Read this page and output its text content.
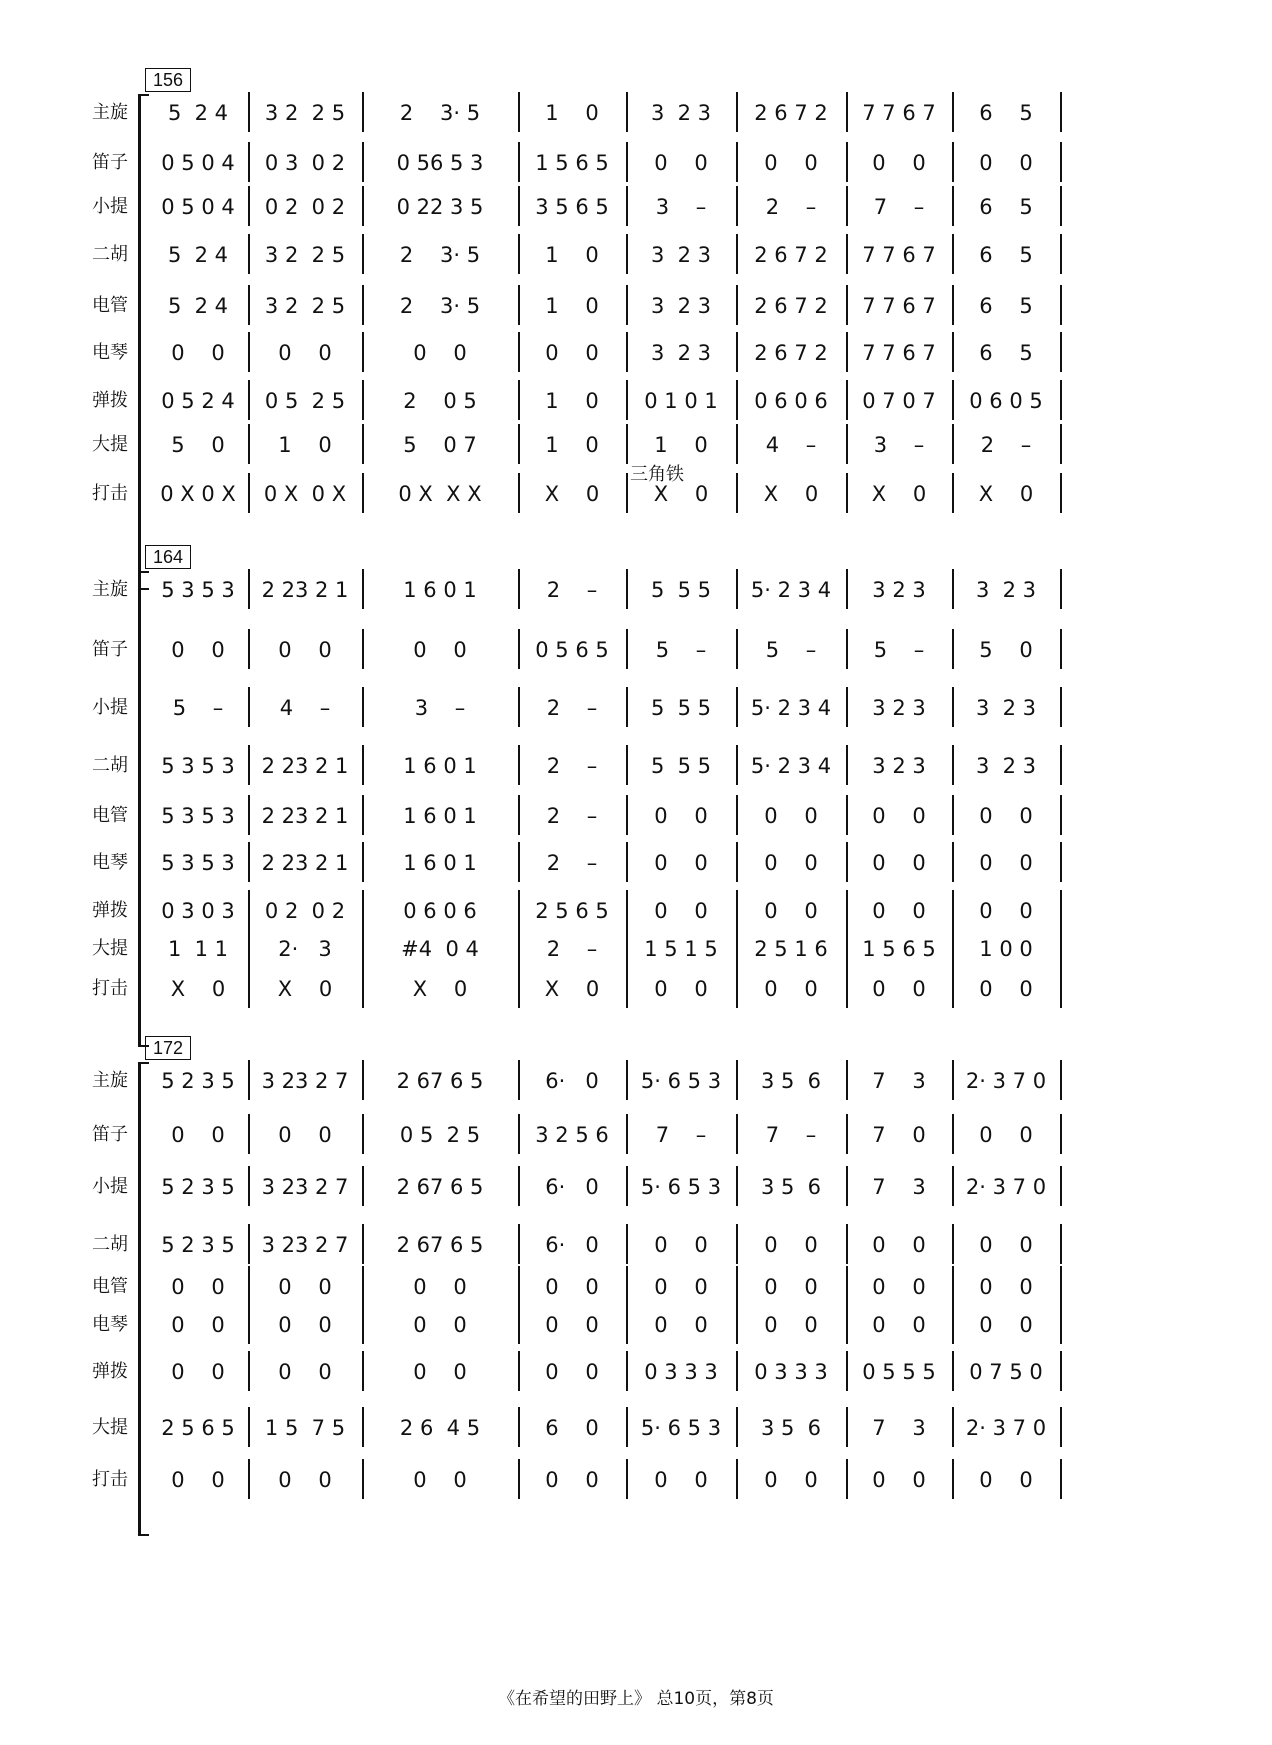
156
三角铁
主旋	5  2 4	3 2  2 5	2    3· 5	1    0	3  2 3	2 6 7 2	7 7 6 7	6    5
笛子	0 5 0 4	0 3  0 2	0 56 5 3	1 5 6 5	0    0	0    0	0    0	0    0
小提	0 5 0 4	0 2  0 2	0 22 3 5	3 5 6 5	3    –	2    –	7    –	6    5
二胡	5  2 4	3 2  2 5	2    3· 5	1    0	3  2 3	2 6 7 2	7 7 6 7	6    5
电管	5  2 4	3 2  2 5	2    3· 5	1    0	3  2 3	2 6 7 2	7 7 6 7	6    5
电琴	0    0	0    0	0    0	0    0	3  2 3	2 6 7 2	7 7 6 7	6    5
弹拨	0 5 2 4	0 5  2 5	2    0 5	1    0	0 1 0 1	0 6 0 6	0 7 0 7	0 6 0 5
大提	5    0	1    0	5    0 7	1    0	1    0	4    –	3    –	2    –
打击	0 X 0 X	0 X  0 X	0 X  X X	X    0	X    0	X    0	X    0	X    0
164
主旋	5 3 5 3	2 23 2 1	1 6 0 1	2    –	5  5 5	5· 2 3 4	3 2 3	3  2 3
笛子	0    0	0    0	0    0	0 5 6 5	5    –	5    –	5    –	5    0
小提	5    –	4    –	3    –	2    –	5  5 5	5· 2 3 4	3 2 3	3  2 3
二胡	5 3 5 3	2 23 2 1	1 6 0 1	2    –	5  5 5	5· 2 3 4	3 2 3	3  2 3
电管	5 3 5 3	2 23 2 1	1 6 0 1	2    –	0    0	0    0	0    0	0    0
电琴	5 3 5 3	2 23 2 1	1 6 0 1	2    –	0    0	0    0	0    0	0    0
弹拨	0 3 0 3	0 2  0 2	0 6 0 6	2 5 6 5	0    0	0    0	0    0	0    0
大提	1  1 1	2·   3	#4  0 4	2    –	1 5 1 5	2 5 1 6	1 5 6 5	1 0 0
打击	X    0	X    0	X    0	X    0	0    0	0    0	0    0	0    0
172
主旋	5 2 3 5	3 23 2 7	2 67 6 5	6·   0	5· 6 5 3	3 5  6	7    3	2· 3 7 0
笛子	0    0	0    0	0 5  2 5	3 2 5 6	7    –	7    –	7    0	0    0
小提	5 2 3 5	3 23 2 7	2 67 6 5	6·   0	5· 6 5 3	3 5  6	7    3	2· 3 7 0
二胡	5 2 3 5	3 23 2 7	2 67 6 5	6·   0	0    0	0    0	0    0	0    0
电管	0    0	0    0	0    0	0    0	0    0	0    0	0    0	0    0
电琴	0    0	0    0	0    0	0    0	0    0	0    0	0    0	0    0
弹拨	0    0	0    0	0    0	0    0	0 3 3 3	0 3 3 3	0 5 5 5	0 7 5 0
大提	2 5 6 5	1 5  7 5	2 6  4 5	6    0	5· 6 5 3	3 5  6	7    3	2· 3 7 0
打击	0    0	0    0	0    0	0    0	0    0	0    0	0    0	0    0
《在希望的田野上》 总10页，第8页
